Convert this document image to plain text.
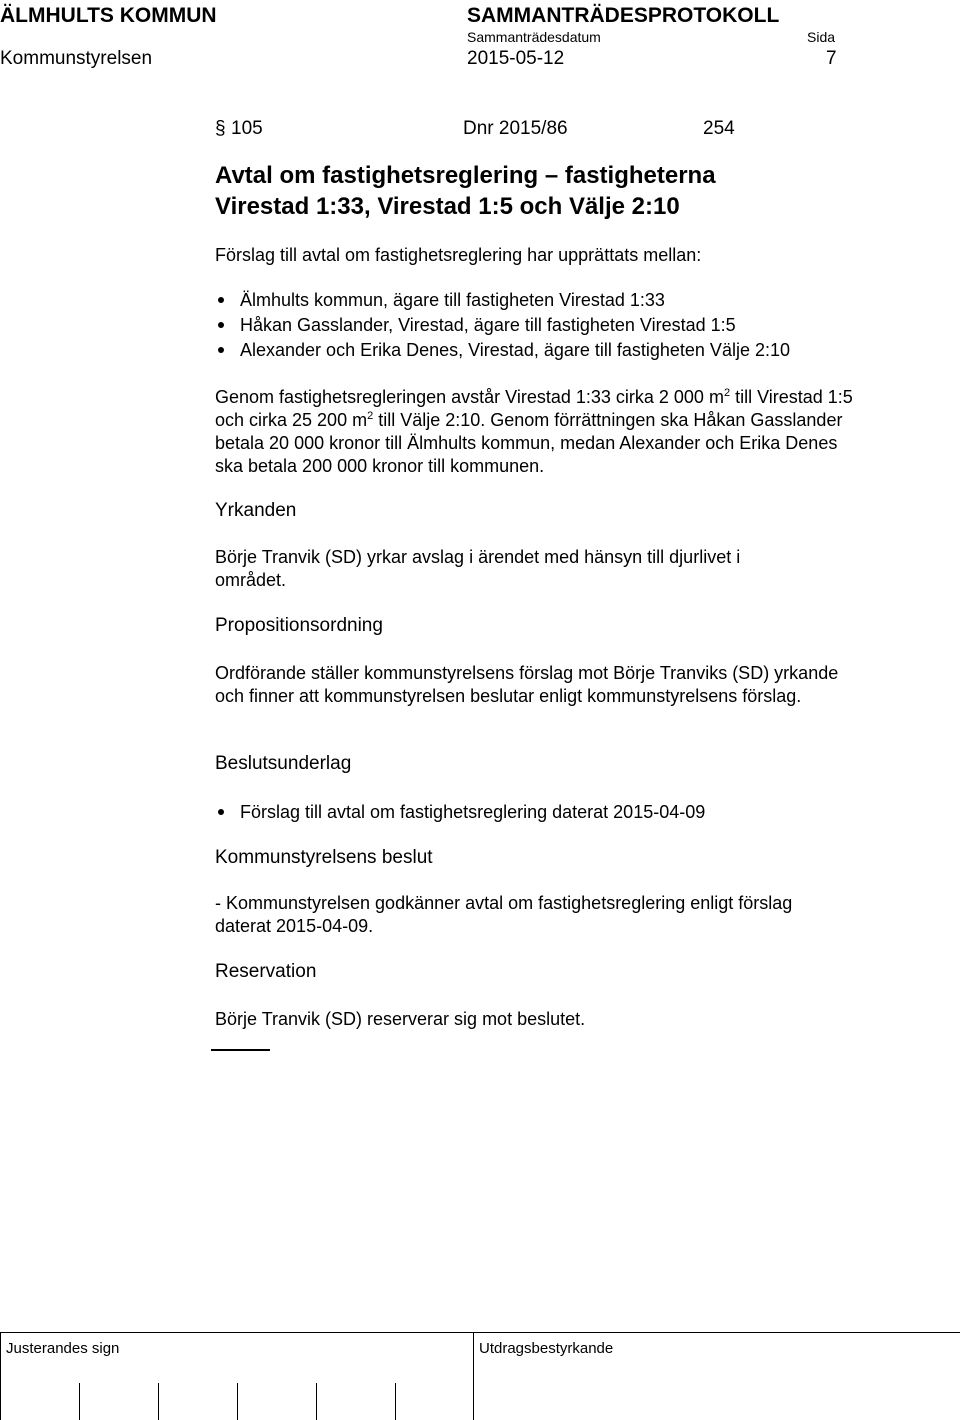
ÄLMHULTS KOMMUN	SAMMANTRÄDESPROTOKOLL
Sammanträdesdatum	Sida
Kommunstyrelsen	2015-05-12	7
§ 105	Dnr 2015/86	254
Avtal om fastighetsreglering – fastigheterna
Virestad 1:33, Virestad 1:5 och Välje 2:10
Förslag till avtal om fastighetsreglering har upprättats mellan:
Älmhults kommun, ägare till fastigheten Virestad 1:33
Håkan Gasslander, Virestad, ägare till fastigheten Virestad 1:5
Alexander och Erika Denes, Virestad, ägare till fastigheten Välje 2:10
Genom fastighetsregleringen avstår Virestad 1:33 cirka 2 000 $m^2$ till Virestad 1:5 och cirka 25 200 $m^2$ till Välje 2:10. Genom förrättningen ska Håkan Gasslander betala 20 000 kronor till Älmhults kommun, medan Alexander och Erika Denes ska betala 200 000 kronor till kommunen.
Yrkanden
Börje Tranvik (SD) yrkar avslag i ärendet med hänsyn till djurlivet i området.
Propositionsordning
Ordförande ställer kommunstyrelsens förslag mot Börje Tranviks (SD) yrkande och finner att kommunstyrelsen beslutar enligt kommunstyrelsens förslag.
Beslutsunderlag
Förslag till avtal om fastighetsreglering daterat 2015-04-09
Kommunstyrelsens beslut
- Kommunstyrelsen godkänner avtal om fastighetsreglering enligt förslag daterat 2015-04-09.
Reservation
Börje Tranvik (SD) reserverar sig mot beslutet.
Justerandes sign	Utdragsbestyrkande
